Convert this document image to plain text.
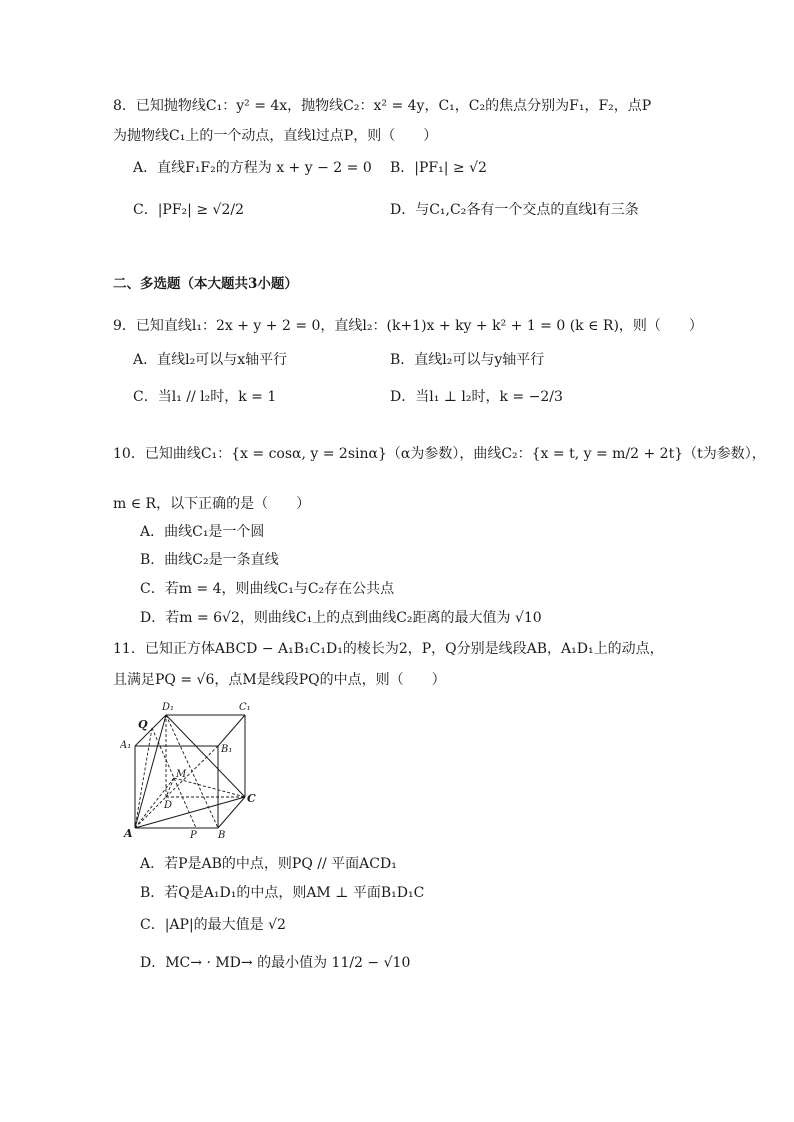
8．已知抛物线C₁：y² = 4x，抛物线C₂：x² = 4y，C₁，C₂的焦点分别为F₁，F₂，点P
为抛物线C₁上的一个动点，直线l过点P，则（　　）
A．直线F₁F₂的方程为 x + y − 2 = 0 B．|PF₁| ≥ √2
C．|PF₂| ≥ √2/2	D．与C₁,C₂各有一个交点的直线l有三条
二、多选题（本大题共3小题）
9．已知直线l₁：2x + y + 2 = 0，直线l₂：(k+1)x + ky + k² + 1 = 0 (k ∈ R)，则（　　）
A．直线l₂可以与x轴平行	B．直线l₂可以与y轴平行
C．当l₁ // l₂时，k = 1	D．当l₁ ⊥ l₂时，k = −2/3
10．已知曲线C₁：{x = cosα, y = 2sinα}（α为参数），曲线C₂：{x = t, y = m/2 + 2t}（t为参数），
m ∈ R，以下正确的是（　　）
A．曲线C₁是一个圆
B．曲线C₂是一条直线
C．若m = 4，则曲线C₁与C₂存在公共点
D．若m = 6√2，则曲线C₁上的点到曲线C₂距离的最大值为 √10
11．已知正方体ABCD − A₁B₁C₁D₁的棱长为2，P，Q分别是线段AB，A₁D₁上的动点，
且满足PQ = √6，点M是线段PQ的中点，则（　　）
D₁	C₁
Q
A₁	B₁
M
D
C
A	P B
A．若P是AB的中点，则PQ // 平面ACD₁
B．若Q是A₁D₁的中点，则AM ⊥ 平面B₁D₁C
C．|AP|的最大值是 √2
D．MC→ · MD→ 的最小值为 11/2 − √10
